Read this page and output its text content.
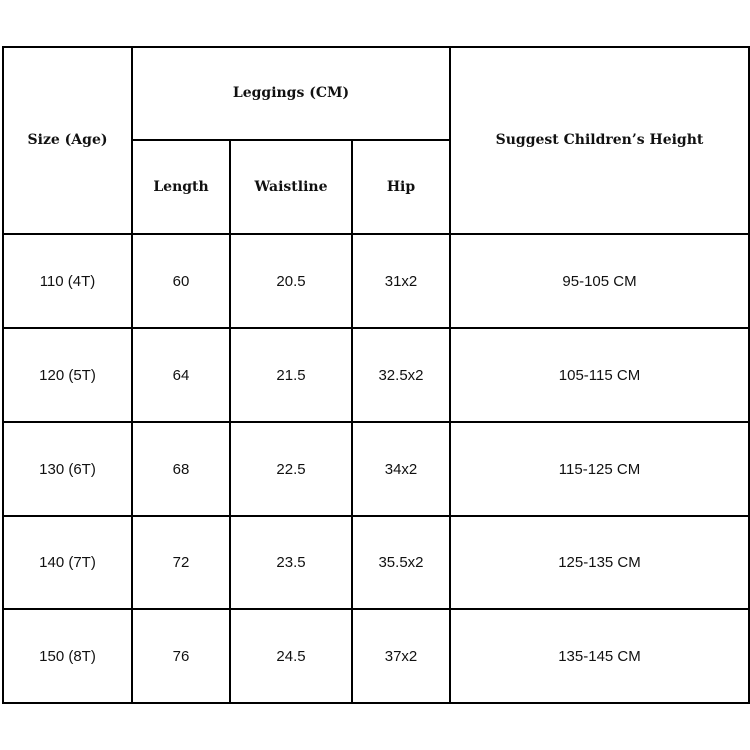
Size (Age)	Leggings (CM)			Suggest Children’s Height
	Length	Waistline	Hip	
110 (4T)	60	20.5	31x2	95-105 CM
120 (5T)	64	21.5	32.5x2	105-115 CM
130 (6T)	68	22.5	34x2	115-125 CM
140 (7T)	72	23.5	35.5x2	125-135 CM
150 (8T)	76	24.5	37x2	135-145 CM
